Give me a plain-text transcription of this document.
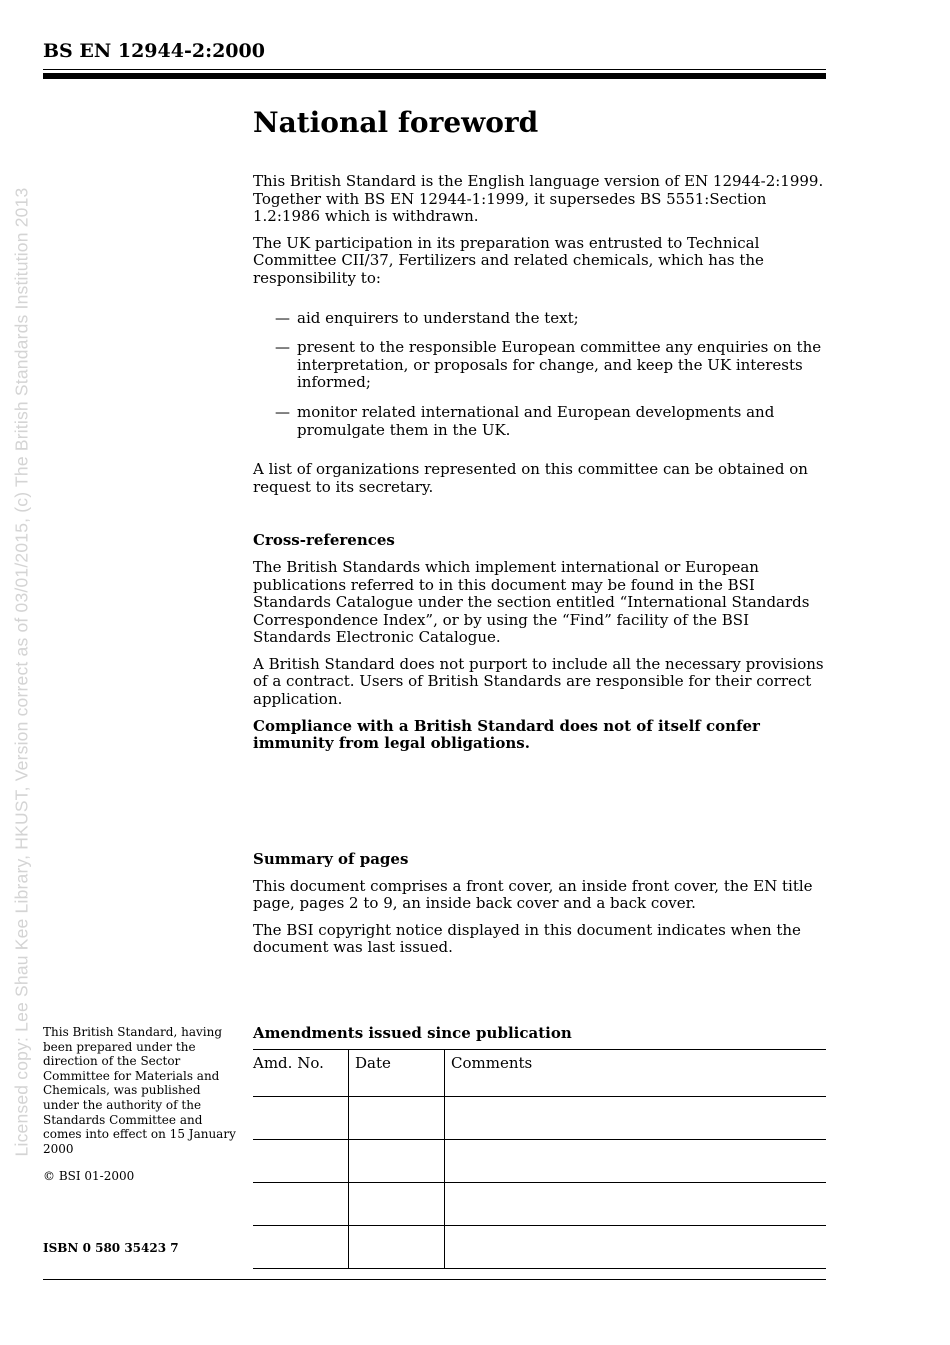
BS EN 12944-2:2000
Licensed copy: Lee Shau Kee Library, HKUST, Version correct as of 03/01/2015, (c) The British Standards Institution 2013
National foreword

This British Standard is the English language version of EN 12944-2:1999. Together with BS EN 12944-1:1999, it supersedes BS 5551:Section 1.2:1986 which is withdrawn.

The UK participation in its preparation was entrusted to Technical Committee CII/37, Fertilizers and related chemicals, which has the responsibility to:

— aid enquirers to understand the text;
— present to the responsible European committee any enquiries on the interpretation, or proposals for change, and keep the UK interests informed;
— monitor related international and European developments and promulgate them in the UK.

A list of organizations represented on this committee can be obtained on request to its secretary.

Cross-references

The British Standards which implement international or European publications referred to in this document may be found in the BSI Standards Catalogue under the section entitled “International Standards Correspondence Index”, or by using the “Find” facility of the BSI Standards Electronic Catalogue.

A British Standard does not purport to include all the necessary provisions of a contract. Users of British Standards are responsible for their correct application.

Compliance with a British Standard does not of itself confer immunity from legal obligations.

Summary of pages

This document comprises a front cover, an inside front cover, the EN title page, pages 2 to 9, an inside back cover and a back cover.

The BSI copyright notice displayed in this document indicates when the document was last issued.

This British Standard, having been prepared under the direction of the Sector Committee for Materials and Chemicals, was published under the authority of the Standards Committee and comes into effect on 15 January 2000
© BSI 01-2000
ISBN 0 580 35423 7
Amendments issued since publication
Amd. No.	Date	Comments
